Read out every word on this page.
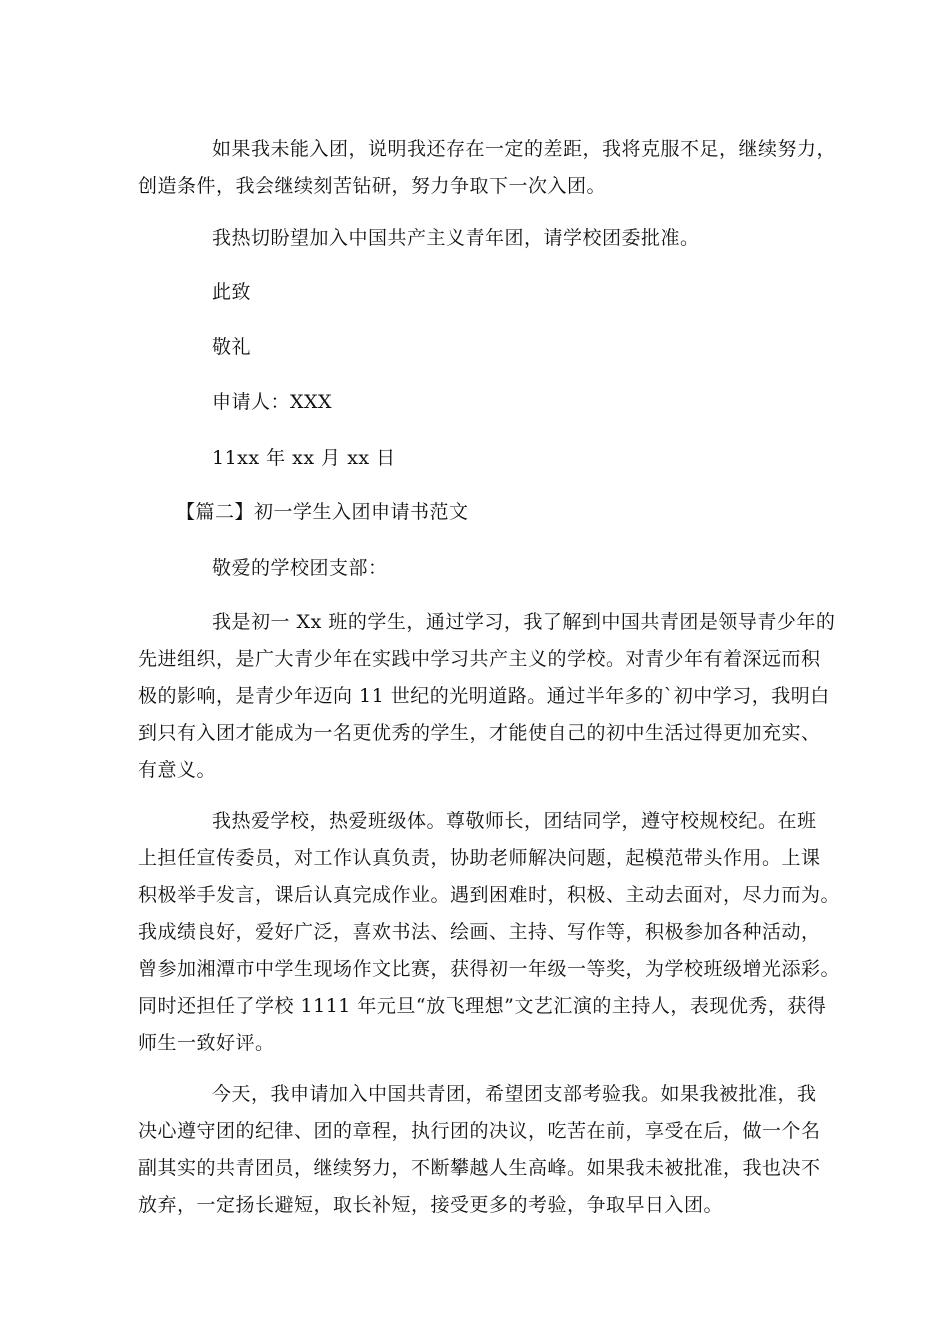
如果我未能入团，说明我还存在一定的差距，我将克服不足，继续努力，
创造条件，我会继续刻苦钻研，努力争取下一次入团。
我热切盼望加入中国共产主义青年团，请学校团委批准。
此致
敬礼
申请人：XXX
11xx 年 xx 月 xx 日
【篇二】初一学生入团申请书范文
敬爱的学校团支部：
我是初一 Xx 班的学生，通过学习，我了解到中国共青团是领导青少年的
先进组织，是广大青少年在实践中学习共产主义的学校。对青少年有着深远而积
极的影响，是青少年迈向 11 世纪的光明道路。通过半年多的`初中学习，我明白
到只有入团才能成为一名更优秀的学生，才能使自己的初中生活过得更加充实、
有意义。
我热爱学校，热爱班级体。尊敬师长，团结同学，遵守校规校纪。在班
上担任宣传委员，对工作认真负责，协助老师解决问题，起模范带头作用。上课
积极举手发言，课后认真完成作业。遇到困难时，积极、主动去面对，尽力而为。
我成绩良好，爱好广泛，喜欢书法、绘画、主持、写作等，积极参加各种活动，
曾参加湘潭市中学生现场作文比赛，获得初一年级一等奖，为学校班级增光添彩。
同时还担任了学校 1111 年元旦“放飞理想”文艺汇演的主持人，表现优秀，获得
师生一致好评。
今天，我申请加入中国共青团，希望团支部考验我。如果我被批准，我
决心遵守团的纪律、团的章程，执行团的决议，吃苦在前，享受在后，做一个名
副其实的共青团员，继续努力，不断攀越人生高峰。如果我未被批准，我也决不
放弃，一定扬长避短，取长补短，接受更多的考验，争取早日入团。
